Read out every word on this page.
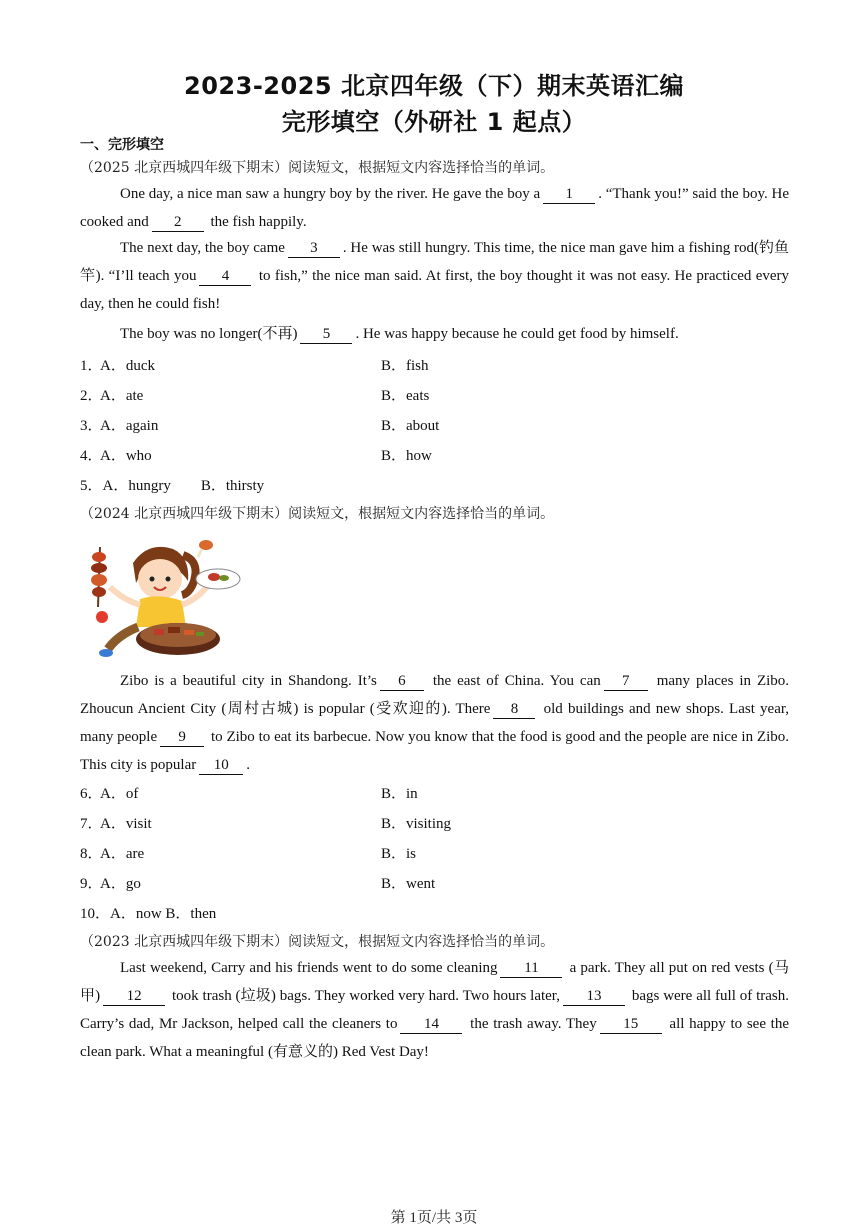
2023-2025 北京四年级（下）期末英语汇编
完形填空（外研社 1 起点）
一、完形填空
（2025 北京西城四年级下期末）阅读短文，根据短文内容选择恰当的单词。
One day, a nice man saw a hungry boy by the river. He gave the boy a 1 . “Thank you!” said the boy. He cooked and 2 the fish happily.
The next day, the boy came 3 . He was still hungry. This time, the nice man gave him a fishing rod(钓鱼竿). “I’ll teach you 4 to fish,” the nice man said. At first, the boy thought it was not easy. He practiced every day, then he could fish!
The boy was no longer(不再) 5 . He was happy because he could get food by himself.
1．
A．duck	B．fish
2．
A．ate	B．eats
3．
A．again	B．about
4．
A．who	B．how
5．A．hungry　　B．thirsty
（2024 北京西城四年级下期末）阅读短文，根据短文内容选择恰当的单词。
Zibo is a beautiful city in Shandong. It’s 6 the east of China. You can 7 many places in Zibo. Zhoucun Ancient City (周村古城) is popular (受欢迎的). There 8 old buildings and new shops. Last year, many people 9 to Zibo to eat its barbecue. Now you know that the food is good and the people are nice in Zibo. This city is popular 10 .
6．
A．of	B．in
7．
A．visit	B．visiting
8．
A．are	B．is
9．
A．go	B．went
10．A．now B．then
（2023 北京西城四年级下期末）阅读短文，根据短文内容选择恰当的单词。
Last weekend, Carry and his friends went to do some cleaning 11 a park. They all put on red vests (马甲) 12 took trash (垃圾) bags. They worked very hard. Two hours later, 13 bags were all full of trash. Carry’s dad, Mr Jackson, helped call the cleaners to 14 the trash away. They 15 all happy to see the clean park. What a meaningful (有意义的) Red Vest Day!
第 1页/共 3页
